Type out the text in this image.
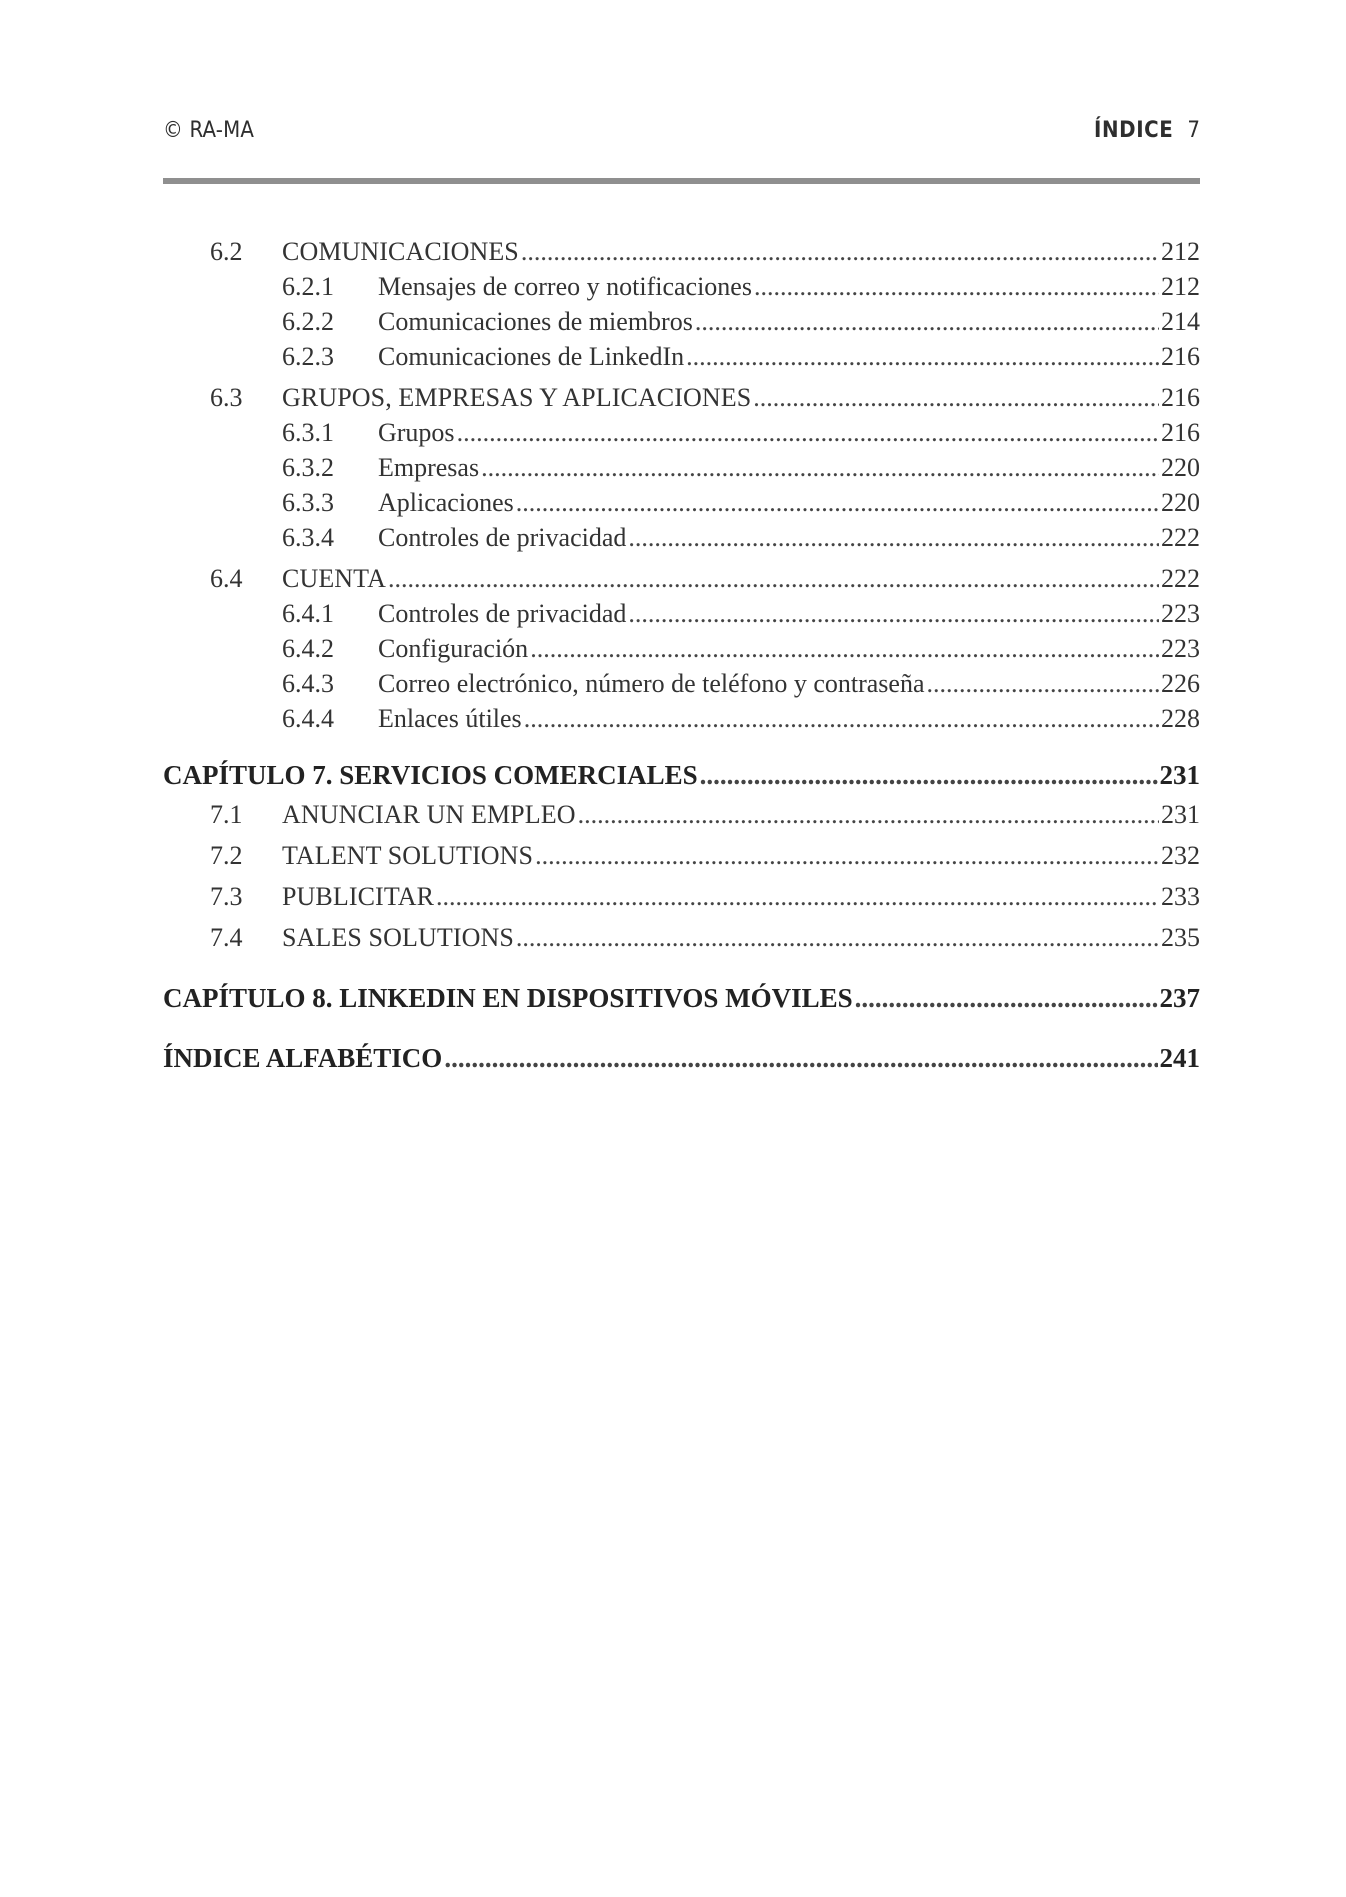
© RA-MA	ÍNDICE 7
6.2	COMUNICACIONES .....	212
6.2.1	Mensajes de correo y notificaciones .....	212
6.2.2	Comunicaciones de miembros .....	214
6.2.3	Comunicaciones de LinkedIn .....	216
6.3	GRUPOS, EMPRESAS Y APLICACIONES .....	216
6.3.1	Grupos .....	216
6.3.2	Empresas .....	220
6.3.3	Aplicaciones .....	220
6.3.4	Controles de privacidad .....	222
6.4	CUENTA .....	222
6.4.1	Controles de privacidad .....	223
6.4.2	Configuración .....	223
6.4.3	Correo electrónico, número de teléfono y contraseña .....	226
6.4.4	Enlaces útiles .....	228
CAPÍTULO 7. SERVICIOS COMERCIALES .....	231
7.1	ANUNCIAR UN EMPLEO .....	231
7.2	TALENT SOLUTIONS .....	232
7.3	PUBLICITAR .....	233
7.4	SALES SOLUTIONS .....	235
CAPÍTULO 8. LINKEDIN EN DISPOSITIVOS MÓVILES .....	237
ÍNDICE ALFABÉTICO .....	241
